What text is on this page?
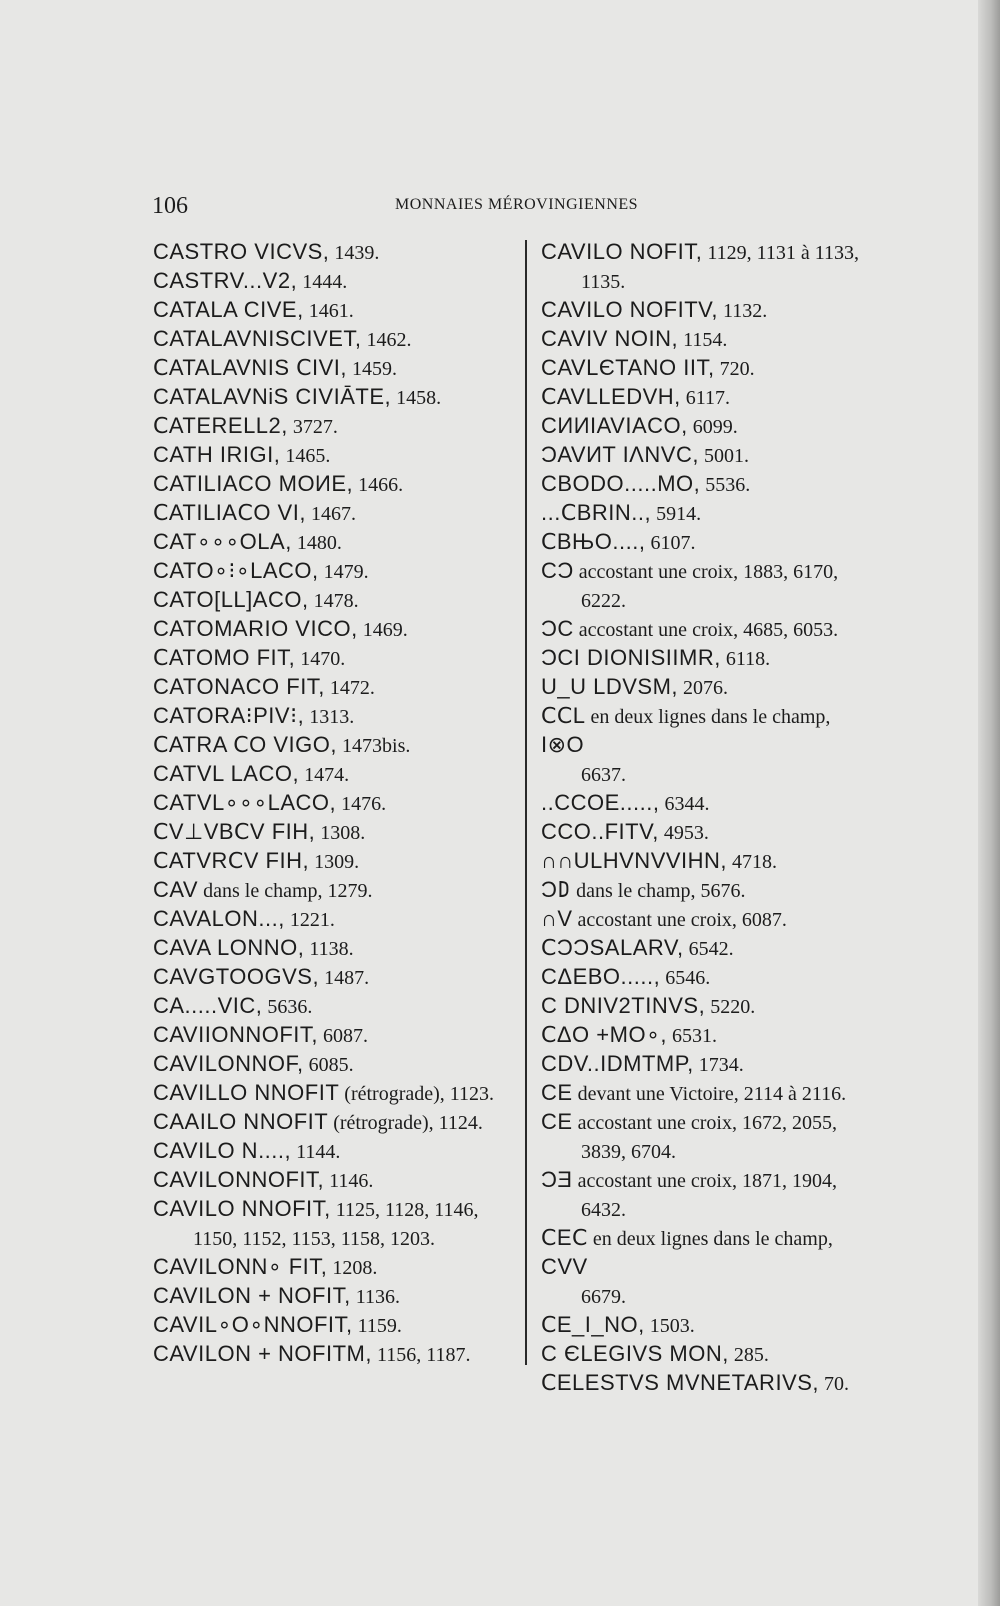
106	MONNAIES MÉROVINGIENNES
CASTRO VICVS, 1439.
CASTRV...V2, 1444.
CATALA CIVE, 1461.
CATALAVNISCIVET, 1462.
ꓚATALAVNIS ꓚIVI, 1459.
CATALAVNiS CIVIĀTE, 1458.
ꓚATERELL2, 3727.
CATH IRIGI, 1465.
CATILIACO MOИE, 1466.
ꓚATILIAꓚO VI, 1467.
CAT∘∘∘OLA, 1480.
CATO∘⁝∘LACO, 1479.
CATO[LL]ACO, 1478.
CATOMARIO VICO, 1469.
ꓚATOMO FIT, 1470.
CATONACO FIT, 1472.
CATORA⁝PIV⁝, 1313.
ꓚATRA ꓚO VIGO, 1473bis.
CATVL LACO, 1474.
CATVL∘∘∘LACO, 1476.
ꓚV⊥VBꓚV FIH, 1308.
ꓚATVRꓚV FIH, 1309.
CAV dans le champ, 1279.
CAVALON..., 1221.
CAVA LONNO, 1138.
CAVGTOOGVS, 1487.
CA.....VIC, 5636.
CAVIIONNOFIT, 6087.
CAVILONNOF, 6085.
CAVILLO NNOFIT (rétrograde), 1123.
CAAILO NNOFIT (rétrograde), 1124.
CAVILO N...., 1144.
CAVILONNOFIT, 1146.
CAVILO NNOFIT, 1125, 1128, 1146,
1150, 1152, 1153, 1158, 1203.
CAVILONN∘ FIT, 1208.
CAVILON + NOFIT, 1136.
CAVIL∘O∘NNOFIT, 1159.
CAVILON + NOFITM, 1156, 1187.
CAVILO NOFIT, 1129, 1131 à 1133,
1135.
CAVILO NOFITV, 1132.
CAVIV NOIN, 1154.
CAVLЄTANO IIT, 720.
ꓚAVLLEDVH, 6117.
CИИIAVIACO, 6099.
ƆAVИT IΛNVC, 5001.
CBODO.....MO, 5536.
...ꓚBRIN.., 5914.
ꓚBЊO...., 6107.
CƆ accostant une croix, 1883, 6170,
6222.
ƆC accostant une croix, 4685, 6053.
ƆCI DIONISIIMR, 6118.
U_U LDVSM, 2076.
ꓚꓚL en deux lignes dans le champ,
I⊗O
6637.
..CCOE....., 6344.
CCO..FITV, 4953.
∩∩ULHVNVVIHN, 4718.
Ɔ𐌃 dans le champ, 5676.
∩V accostant une croix, 6087.
ꓚƆƆSALARV, 6542.
CΔEBO....., 6546.
C DNIV2TINVS, 5220.
ꓚΔO +MO∘, 6531.
CDV..IDMTMP, 1734.
CE devant une Victoire, 2114 à 2116.
CE accostant une croix, 1672, 2055,
3839, 6704.
ƆƎ accostant une croix, 1871, 1904,
6432.
ꓚEꓚ en deux lignes dans le champ,
CVV
6679.
ꓚE_I_NO, 1503.
C ЄLEGIVS MON, 285.
ꓚELESTVS MVNETARIVS, 70.
